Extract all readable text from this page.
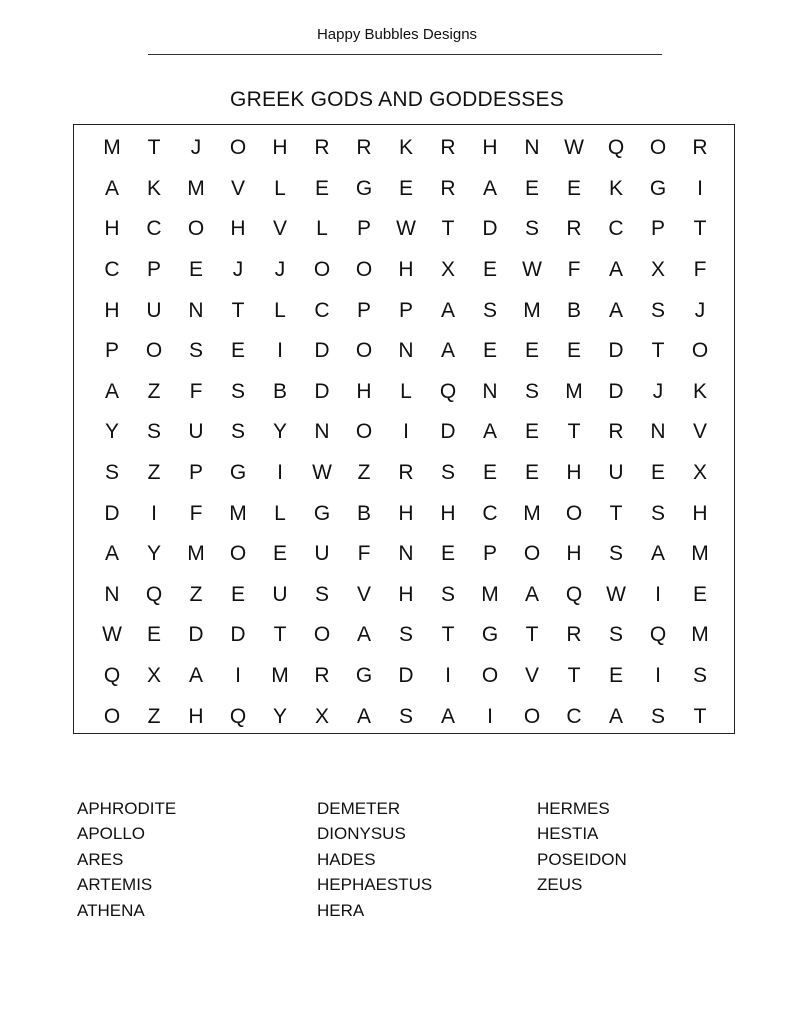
Happy Bubbles Designs
GREEK GODS AND GODDESSES
M	T	J	O	H	R	R	K	R	H	N	W	Q	O	R
A	K	M	V	L	E	G	E	R	A	E	E	K	G	I
H	C	O	H	V	L	P	W	T	D	S	R	C	P	T
C	P	E	J	J	O	O	H	X	E	W	F	A	X	F
H	U	N	T	L	C	P	P	A	S	M	B	A	S	J
P	O	S	E	I	D	O	N	A	E	E	E	D	T	O
A	Z	F	S	B	D	H	L	Q	N	S	M	D	J	K
Y	S	U	S	Y	N	O	I	D	A	E	T	R	N	V
S	Z	P	G	I	W	Z	R	S	E	E	H	U	E	X
D	I	F	M	L	G	B	H	H	C	M	O	T	S	H
A	Y	M	O	E	U	F	N	E	P	O	H	S	A	M
N	Q	Z	E	U	S	V	H	S	M	A	Q	W	I	E
W	E	D	D	T	O	A	S	T	G	T	R	S	Q	M
Q	X	A	I	M	R	G	D	I	O	V	T	E	I	S
O	Z	H	Q	Y	X	A	S	A	I	O	C	A	S	T
APHRODITE
APOLLO
ARES
ARTEMIS
ATHENA
DEMETER
DIONYSUS
HADES
HEPHAESTUS
HERA
HERMES
HESTIA
POSEIDON
ZEUS
